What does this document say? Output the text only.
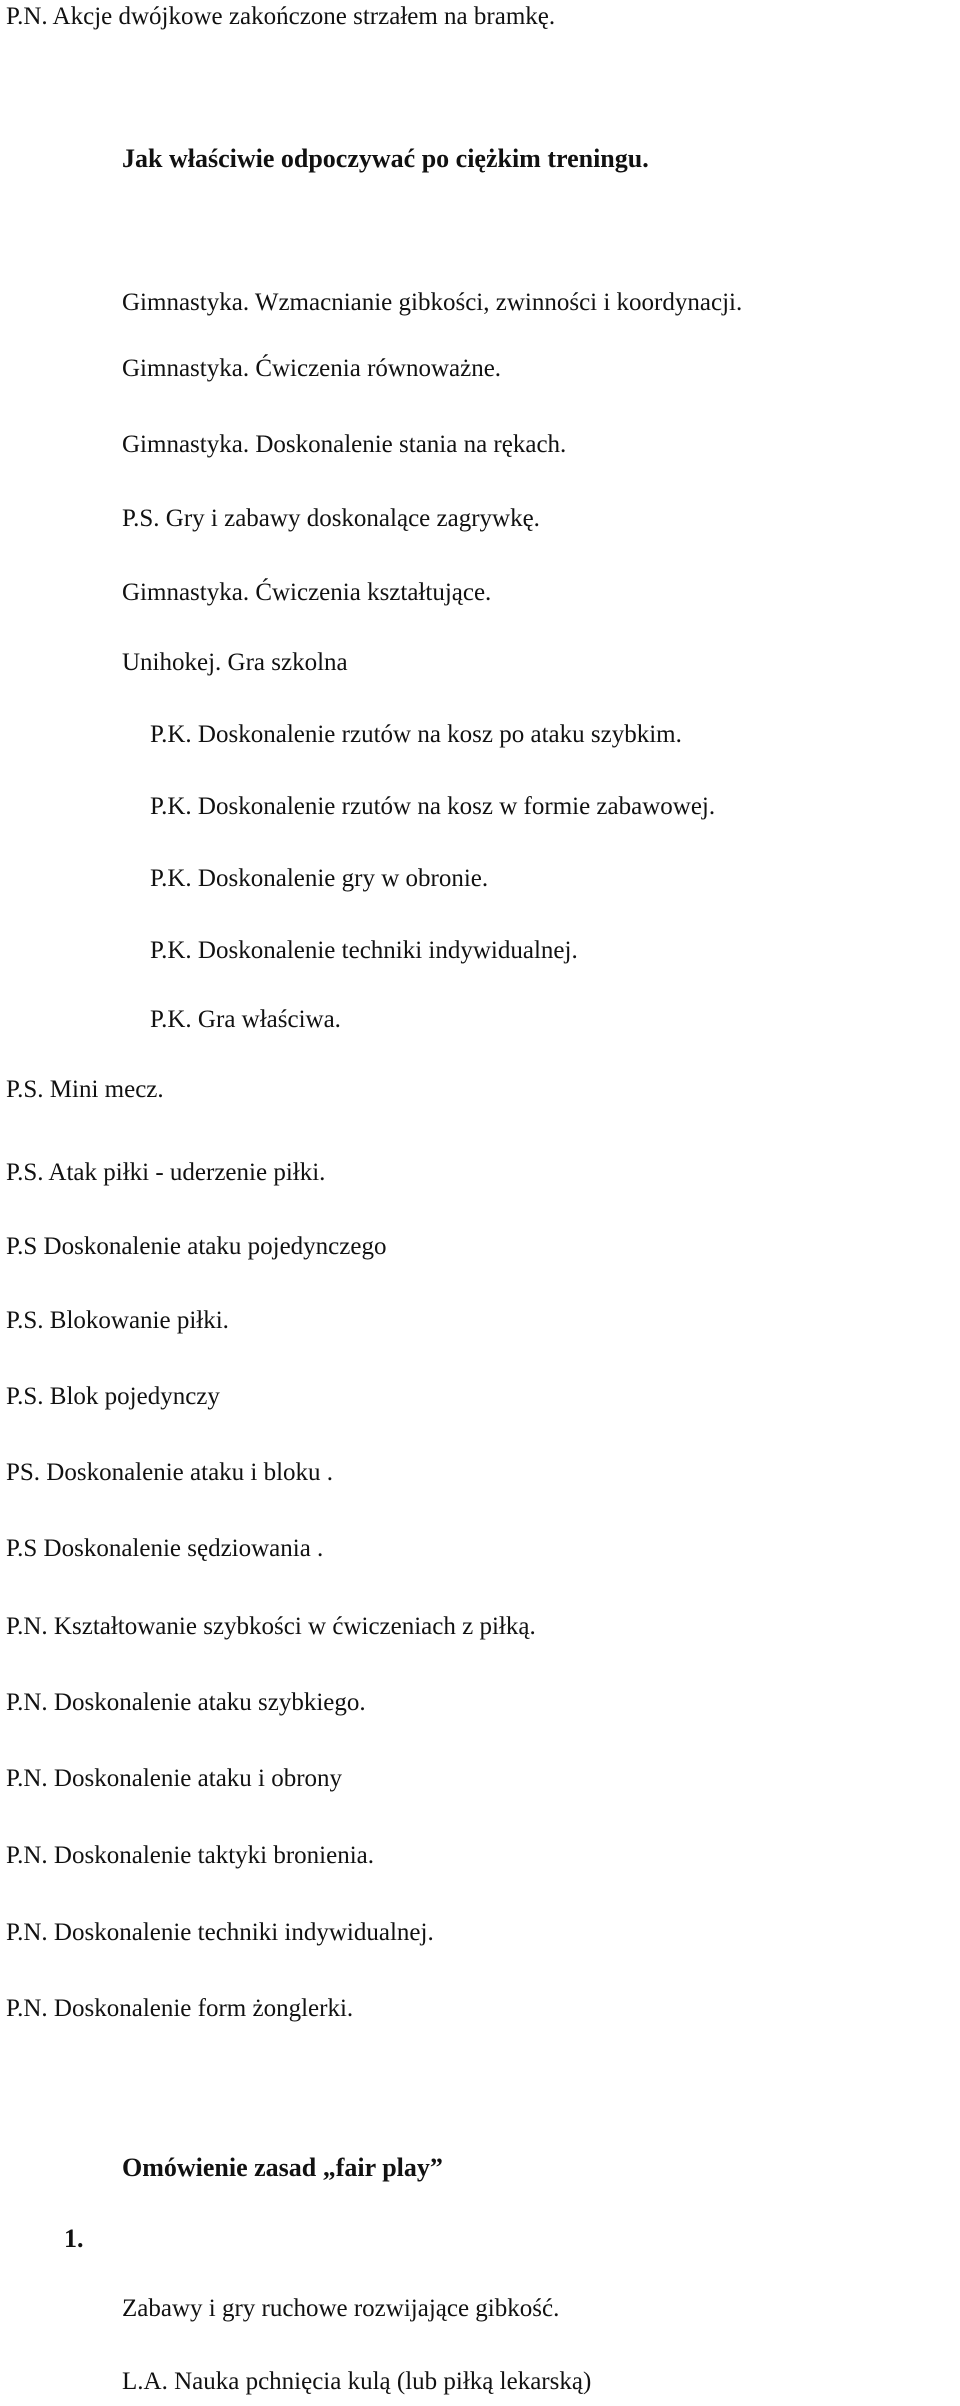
P.N. Akcje dwójkowe zakończone strzałem na bramkę.
Jak właściwie odpoczywać po ciężkim treningu.
Gimnastyka. Wzmacnianie gibkości, zwinności i koordynacji.
Gimnastyka. Ćwiczenia równoważne.
Gimnastyka. Doskonalenie stania na rękach.
P.S. Gry i zabawy doskonalące zagrywkę.
Gimnastyka. Ćwiczenia kształtujące.
Unihokej. Gra szkolna
P.K. Doskonalenie rzutów na kosz po ataku szybkim.
P.K. Doskonalenie rzutów na kosz w formie zabawowej.
P.K. Doskonalenie gry w obronie.
P.K. Doskonalenie techniki indywidualnej.
P.K. Gra właściwa.
P.S. Mini mecz.
P.S. Atak piłki - uderzenie piłki.
P.S Doskonalenie ataku pojedynczego
P.S. Blokowanie piłki.
P.S. Blok pojedynczy
PS. Doskonalenie ataku i bloku .
P.S Doskonalenie sędziowania .
P.N. Kształtowanie szybkości w ćwiczeniach z piłką.
P.N. Doskonalenie ataku szybkiego.
P.N. Doskonalenie ataku i obrony
P.N. Doskonalenie taktyki bronienia.
P.N. Doskonalenie techniki indywidualnej.
P.N. Doskonalenie form żonglerki.
Omówienie zasad „fair play”
1.
Zabawy i gry ruchowe rozwijające gibkość.
L.A. Nauka pchnięcia kulą (lub piłką lekarską)
